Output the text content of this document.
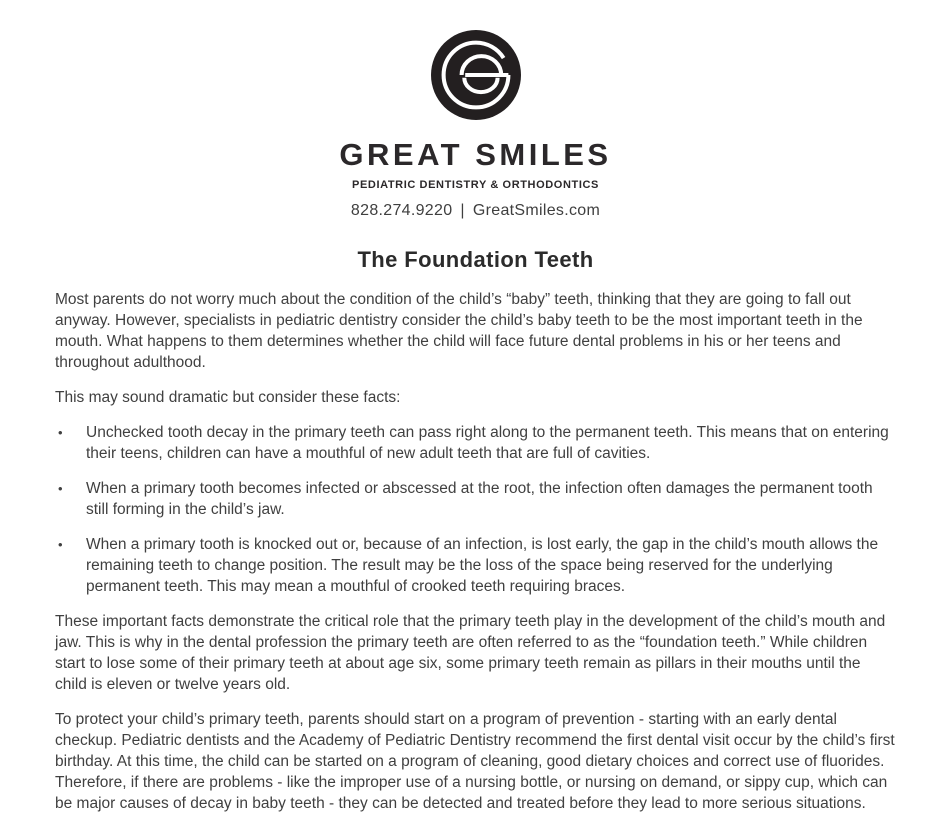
GREAT SMILES
PEDIATRIC DENTISTRY & ORTHODONTICS
828.274.9220 | GreatSmiles.com
The Foundation Teeth

Most parents do not worry much about the condition of the child’s “baby” teeth, thinking that they are going to fall out anyway. However, specialists in pediatric dentistry consider the child’s baby teeth to be the most important teeth in the mouth. What happens to them determines whether the child will face future dental problems in his or her teens and throughout adulthood.

This may sound dramatic but consider these facts:

•	Unchecked tooth decay in the primary teeth can pass right along to the permanent teeth. This means that on entering their teens, children can have a mouthful of new adult teeth that are full of cavities.
•	When a primary tooth becomes infected or abscessed at the root, the infection often damages the permanent tooth still forming in the child’s jaw.
•	When a primary tooth is knocked out or, because of an infection, is lost early, the gap in the child’s mouth allows the remaining teeth to change position. The result may be the loss of the space being reserved for the underlying permanent teeth. This may mean a mouthful of crooked teeth requiring braces.

These important facts demonstrate the critical role that the primary teeth play in the development of the child’s mouth and jaw. This is why in the dental profession the primary teeth are often referred to as the “foundation teeth.” While children start to lose some of their primary teeth at about age six, some primary teeth remain as pillars in their mouths until the child is eleven or twelve years old.

To protect your child’s primary teeth, parents should start on a program of prevention - starting with an early dental checkup. Pediatric dentists and the Academy of Pediatric Dentistry recommend the first dental visit occur by the child’s first birthday. At this time, the child can be started on a program of cleaning, good dietary choices and correct use of fluorides. Therefore, if there are problems - like the improper use of a nursing bottle, or nursing on demand, or sippy cup, which can be major causes of decay in baby teeth - they can be detected and treated before they lead to more serious situations.
